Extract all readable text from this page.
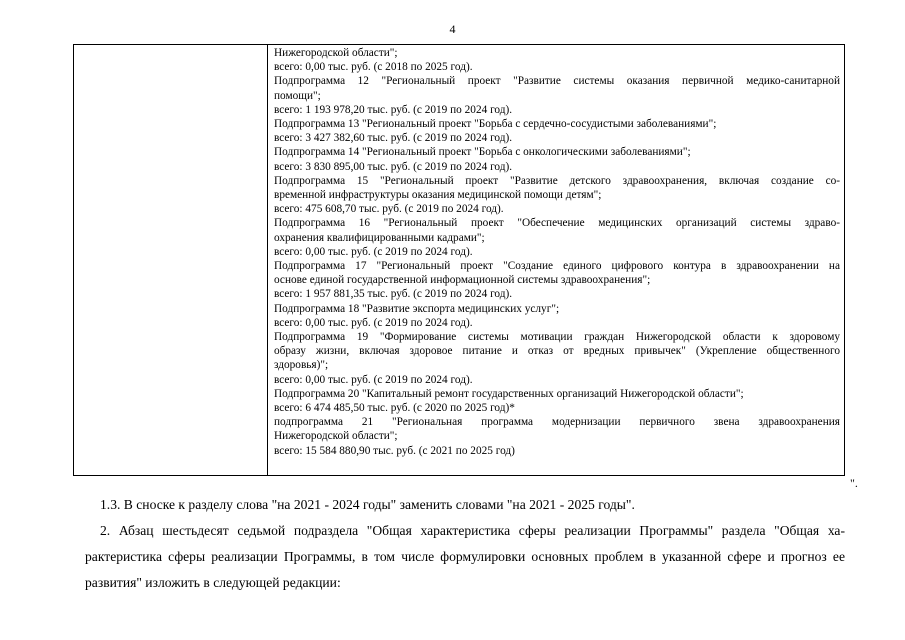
4
Нижегородской области";
всего: 0,00 тыс. руб. (с 2018 по 2025 год).
Подпрограмма 12 "Региональный проект "Развитие системы оказания первичной медико-санитарной
помощи";
всего: 1 193 978,20 тыс. руб. (с 2019 по 2024 год).
Подпрограмма 13 "Региональный проект "Борьба с сердечно-сосудистыми заболеваниями";
всего: 3 427 382,60 тыс. руб. (с 2019 по 2024 год).
Подпрограмма 14 "Региональный проект "Борьба с онкологическими заболеваниями";
всего: 3 830 895,00 тыс. руб. (с 2019 по 2024 год).
Подпрограмма 15 "Региональный проект "Развитие детского здравоохранения, включая создание со-
временной инфраструктуры оказания медицинской помощи детям";
всего: 475 608,70 тыс. руб. (с 2019 по 2024 год).
Подпрограмма 16 "Региональный проект "Обеспечение медицинских организаций системы здраво-
охранения квалифицированными кадрами";
всего: 0,00 тыс. руб. (с 2019 по 2024 год).
Подпрограмма 17 "Региональный проект "Создание единого цифрового контура в здравоохранении на
основе единой государственной информационной системы здравоохранения";
всего: 1 957 881,35 тыс. руб. (с 2019 по 2024 год).
Подпрограмма 18 "Развитие экспорта медицинских услуг";
всего: 0,00 тыс. руб. (с 2019 по 2024 год).
Подпрограмма 19 "Формирование системы мотивации граждан Нижегородской области к здоровому
образу жизни, включая здоровое питание и отказ от вредных привычек" (Укрепление общественного
здоровья)";
всего: 0,00 тыс. руб. (с 2019 по 2024 год).
Подпрограмма 20 "Капитальный ремонт государственных организаций Нижегородской области";
всего: 6 474 485,50 тыс. руб. (с 2020 по 2025 год)*
подпрограмма 21 "Региональная программа модернизации первичного звена здравоохранения
Нижегородской области";
всего: 15 584 880,90 тыс. руб. (с 2021 по 2025 год)
".
1.3. В сноске к разделу слова "на 2021 - 2024 годы" заменить словами "на 2021 - 2025 годы".
2. Абзац шестьдесят седьмой подраздела "Общая характеристика сферы реализации Программы" раздела "Общая ха-
рактеристика сферы реализации Программы, в том числе формулировки основных проблем в указанной сфере и прогноз ее
развития" изложить в следующей редакции:
